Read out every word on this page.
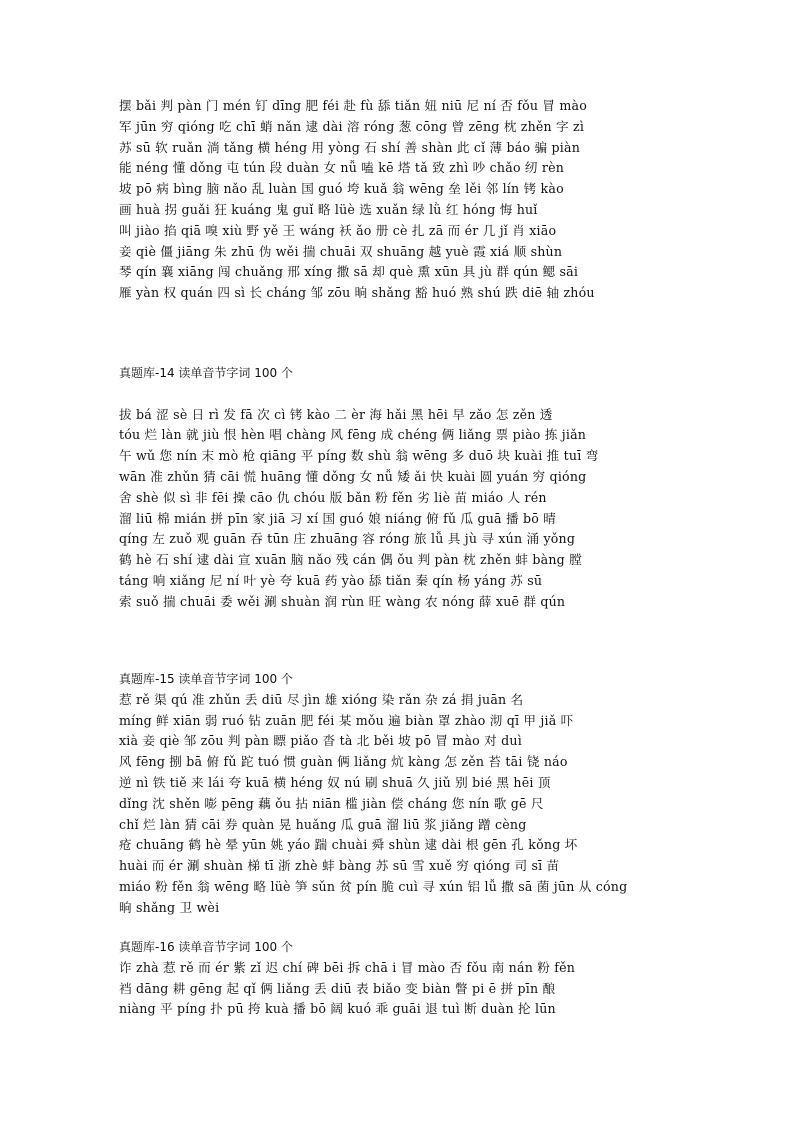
摆 bǎi 判 pàn 门 mén 钉 dīng 肥 féi 赴 fù 舔 tiǎn 妞 niū 尼 ní 否 fǒu 冒 mào
军 jūn 穷 qióng 吃 chī 蛸 nǎn 逮 dài 溶 róng 葱 cōng 曾 zēng 枕 zhěn 字 zì
苏 sū 软 ruǎn 淌 tǎng 横 héng 用 yòng 石 shí 善 shàn 此 cǐ 薄 báo 骗 piàn
能 néng 懂 dǒng 屯 tún 段 duàn 女 nǚ 嗑 kē 塔 tǎ 致 zhì 吵 chǎo 纫 rèn
坡 pō 病 bìng 脑 nǎo 乱 luàn 国 guó 垮 kuǎ 翁 wēng 垒 lěi 邻 lín 铐 kào
画 huà 拐 guǎi 狂 kuáng 鬼 guǐ 略 lüè 选 xuǎn 绿 lǜ 红 hóng 悔 huǐ
叫 jiào 掐 qiā 嗅 xiù 野 yě 王 wáng 袄 ǎo 册 cè 扎 zā 而 ér 几 jǐ 肖 xiāo
妾 qiè 僵 jiāng 朱 zhū 伪 wěi 揣 chuāi 双 shuāng 越 yuè 霞 xiá 顺 shùn
琴 qín 襄 xiāng 闯 chuǎng 邢 xíng 撒 sā 却 què 熏 xūn 具 jù 群 qún 鳃 sāi
雁 yàn 权 quán 四 sì 长 cháng 邹 zōu 晌 shǎng 豁 huó 熟 shú 跌 diē 轴 zhóu
真题库-14 读单音节字词 100 个
拔 bá 涩 sè 日 rì 发 fā 次 cì 铐 kào 二 èr 海 hǎi 黑 hēi 早 zǎo 怎 zěn 透
tóu 烂 làn 就 jiù 恨 hèn 唱 chàng 风 fēng 成 chéng 俩 liǎng 票 piào 拣 jiǎn
午 wǔ 您 nín 末 mò 枪 qiāng 平 píng 数 shù 翁 wēng 多 duō 块 kuài 推 tuī 弯
wān 准 zhǔn 猜 cāi 慌 huāng 懂 dǒng 女 nǚ 矮 ǎi 快 kuài 圆 yuán 穷 qióng
舍 shè 似 sì 非 fēi 操 cāo 仇 chóu 版 bǎn 粉 fěn 劣 liè 苗 miáo 人 rén
溜 liū 棉 mián 拼 pīn 家 jiā 习 xí 国 guó 娘 niáng 俯 fǔ 瓜 guā 播 bō 晴
qíng 左 zuǒ 观 guān 吞 tūn 庄 zhuāng 容 róng 旅 lǚ 具 jù 寻 xún 涌 yǒng
鹤 hè 石 shí 逮 dài 宣 xuān 脑 nǎo 残 cán 偶 ǒu 判 pàn 枕 zhěn 蚌 bàng 膛
táng 响 xiǎng 尼 ní 叶 yè 夸 kuā 药 yào 舔 tiǎn 秦 qín 杨 yáng 苏 sū
索 suǒ 揣 chuāi 委 wěi 涮 shuàn 润 rùn 旺 wàng 农 nóng 薛 xuē 群 qún
真题库-15 读单音节字词 100 个
惹 rě 渠 qú 准 zhǔn 丢 diū 尽 jìn 雄 xióng 染 rǎn 杂 zá 捐 juān 名
míng 鲜 xiān 弱 ruó 钻 zuān 肥 féi 某 mǒu 遍 biàn 罩 zhào 沏 qī 甲 jiǎ 吓
xià 妾 qiè 邹 zōu 判 pàn 瞟 piǎo 沓 tà 北 běi 坡 pō 冒 mào 对 duì
风 fēng 捌 bā 俯 fǔ 跎 tuó 惯 guàn 俩 liǎng 炕 kàng 怎 zěn 苔 tāi 铙 náo
逆 nì 铁 tiě 来 lái 夸 kuā 横 héng 奴 nú 刷 shuā 久 jiǔ 别 bié 黑 hēi 顶
dǐng 沈 shěn 嘭 pēng 藕 ǒu 拈 niān 槛 jiàn 偿 cháng 您 nín 歌 gē 尺
chǐ 烂 làn 猜 cāi 券 quàn 晃 huǎng 瓜 guā 溜 liū 浆 jiǎng 蹭 cèng
疮 chuāng 鹤 hè 晕 yūn 姚 yáo 踹 chuài 舜 shùn 逮 dài 根 gēn 孔 kǒng 坏
huài 而 ér 涮 shuàn 梯 tī 浙 zhè 蚌 bàng 苏 sū 雪 xuě 穷 qióng 司 sī 苗
miáo 粉 fěn 翁 wēng 略 lüè 笋 sǔn 贫 pín 脆 cuì 寻 xún 铝 lǚ 撒 sā 菌 jūn 从 cóng
晌 shǎng 卫 wèi
真题库-16 读单音节字词 100 个
诈 zhà 惹 rě 而 ér 紫 zǐ 迟 chí 碑 bēi 拆 chā i 冒 mào 否 fǒu 南 nán 粉 fěn
裆 dāng 耕 gēng 起 qǐ 俩 liǎng 丢 diū 表 biǎo 变 biàn 瞥 pi ē 拼 pīn 酿
niàng 平 píng 扑 pū 挎 kuà 播 bō 阔 kuó 乖 guāi 退 tuì 断 duàn 抡 lūn
